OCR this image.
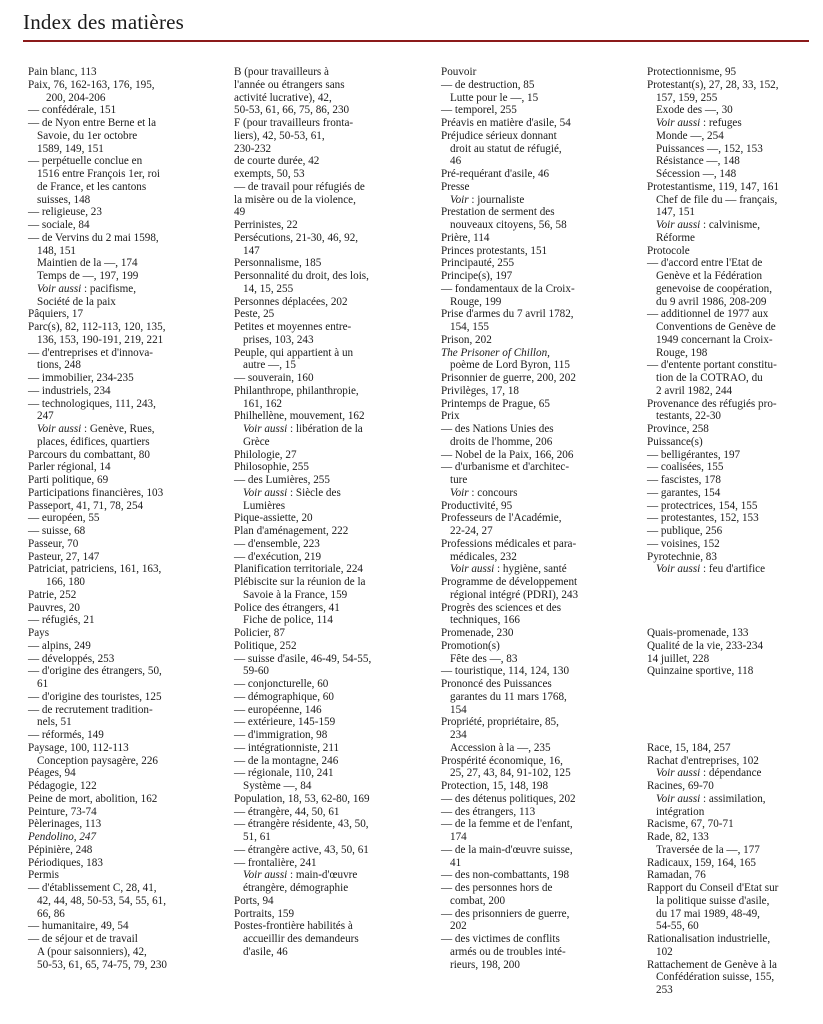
Index des matières
Pain blanc, 113
Paix, 76, 162-163, 176, 195,
200, 204-206
— confédérale, 151
— de Nyon entre Berne et la
Savoie, du 1er octobre
1589, 149, 151
— perpétuelle conclue en
1516 entre François 1er, roi
de France, et les cantons
suisses, 148
— religieuse, 23
— sociale, 84
— de Vervins du 2 mai 1598,
148, 151
Maintien de la —, 174
Temps de —, 197, 199
Voir aussi : pacifisme,
Société de la paix
Pâquiers, 17
Parc(s), 82, 112-113, 120, 135,
136, 153, 190-191, 219, 221
— d'entreprises et d'innova-
tions, 248
— immobilier, 234-235
— industriels, 234
— technologiques, 111, 243,
247
Voir aussi : Genève, Rues,
places, édifices, quartiers
Parcours du combattant, 80
Parler régional, 14
Parti politique, 69
Participations financières, 103
Passeport, 41, 71, 78, 254
— européen, 55
— suisse, 68
Passeur, 70
Pasteur, 27, 147
Patriciat, patriciens, 161, 163,
166, 180
Patrie, 252
Pauvres, 20
— réfugiés, 21
Pays
— alpins, 249
— développés, 253
— d'origine des étrangers, 50,
61
— d'origine des touristes, 125
— de recrutement tradition-
nels, 51
— réformés, 149
Paysage, 100, 112-113
Conception paysagère, 226
Péages, 94
Pédagogie, 122
Peine de mort, abolition, 162
Peinture, 73-74
Pèlerinages, 113
Pendolino, 247
Pépinière, 248
Périodiques, 183
Permis
— d'établissement C, 28, 41,
42, 44, 48, 50-53, 54, 55, 61,
66, 86
— humanitaire, 49, 54
— de séjour et de travail
A (pour saisonniers), 42,
50-53, 61, 65, 74-75, 79, 230
B (pour travailleurs à
l'année ou étrangers sans
activité lucrative), 42,
50-53, 61, 66, 75, 86, 230
F (pour travailleurs fronta-
liers), 42, 50-53, 61,
230-232
de courte durée, 42
exempts, 50, 53
— de travail pour réfugiés de
la misère ou de la violence,
49
Perrinistes, 22
Persécutions, 21-30, 46, 92,
147
Personnalisme, 185
Personnalité du droit, des lois,
14, 15, 255
Personnes déplacées, 202
Peste, 25
Petites et moyennes entre-
prises, 103, 243
Peuple, qui appartient à un
autre —, 15
— souverain, 160
Philanthrope, philanthropie,
161, 162
Philhellène, mouvement, 162
Voir aussi : libération de la
Grèce
Philologie, 27
Philosophie, 255
— des Lumières, 255
Voir aussi : Siècle des
Lumières
Pique-assiette, 20
Plan d'aménagement, 222
— d'ensemble, 223
— d'exécution, 219
Planification territoriale, 224
Plébiscite sur la réunion de la
Savoie à la France, 159
Police des étrangers, 41
Fiche de police, 114
Policier, 87
Politique, 252
— suisse d'asile, 46-49, 54-55,
59-60
— conjoncturelle, 60
— démographique, 60
— européenne, 146
— extérieure, 145-159
— d'immigration, 98
— intégrationniste, 211
— de la montagne, 246
— régionale, 110, 241
Système —, 84
Population, 18, 53, 62-80, 169
— étrangère, 44, 50, 61
— étrangère résidente, 43, 50,
51, 61
— étrangère active, 43, 50, 61
— frontalière, 241
Voir aussi : main-d'œuvre
étrangère, démographie
Ports, 94
Portraits, 159
Postes-frontière habilités à
accueillir des demandeurs
d'asile, 46
Pouvoir
— de destruction, 85
Lutte pour le —, 15
— temporel, 255
Préavis en matière d'asile, 54
Préjudice sérieux donnant
droit au statut de réfugié,
46
Pré-requérant d'asile, 46
Presse
Voir : journaliste
Prestation de serment des
nouveaux citoyens, 56, 58
Prière, 114
Princes protestants, 151
Principauté, 255
Principe(s), 197
— fondamentaux de la Croix-
Rouge, 199
Prise d'armes du 7 avril 1782,
154, 155
Prison, 202
The Prisoner of Chillon,
poème de Lord Byron, 115
Prisonnier de guerre, 200, 202
Privilèges, 17, 18
Printemps de Prague, 65
Prix
— des Nations Unies des
droits de l'homme, 206
— Nobel de la Paix, 166, 206
— d'urbanisme et d'architec-
ture
Voir : concours
Productivité, 95
Professeurs de l'Académie,
22-24, 27
Professions médicales et para-
médicales, 232
Voir aussi : hygiène, santé
Programme de développement
régional intégré (PDRI), 243
Progrès des sciences et des
techniques, 166
Promenade, 230
Promotion(s)
Fête des —, 83
— touristique, 114, 124, 130
Prononcé des Puissances
garantes du 11 mars 1768,
154
Propriété, propriétaire, 85,
234
Accession à la —, 235
Prospérité économique, 16,
25, 27, 43, 84, 91-102, 125
Protection, 15, 148, 198
— des détenus politiques, 202
— des étrangers, 113
— de la femme et de l'enfant,
174
— de la main-d'œuvre suisse,
41
— des non-combattants, 198
— des personnes hors de
combat, 200
— des prisonniers de guerre,
202
— des victimes de conflits
armés ou de troubles inté-
rieurs, 198, 200
Protectionnisme, 95
Protestant(s), 27, 28, 33, 152,
157, 159, 255
Exode des —, 30
Voir aussi : refuges
Monde —, 254
Puissances —, 152, 153
Résistance —, 148
Sécession —, 148
Protestantisme, 119, 147, 161
Chef de file du — français,
147, 151
Voir aussi : calvinisme,
Réforme
Protocole
— d'accord entre l'Etat de
Genève et la Fédération
genevoise de coopération,
du 9 avril 1986, 208-209
— additionnel de 1977 aux
Conventions de Genève de
1949 concernant la Croix-
Rouge, 198
— d'entente portant constitu-
tion de la COTRAO, du
2 avril 1982, 244
Provenance des réfugiés pro-
testants, 22-30
Province, 258
Puissance(s)
— belligérantes, 197
— coalisées, 155
— fascistes, 178
— garantes, 154
— protectrices, 154, 155
— protestantes, 152, 153
— publique, 256
— voisines, 152
Pyrotechnie, 83
Voir aussi : feu d'artifice
Quais-promenade, 133
Qualité de la vie, 233-234
14 juillet, 228
Quinzaine sportive, 118
Race, 15, 184, 257
Rachat d'entreprises, 102
Voir aussi : dépendance
Racines, 69-70
Voir aussi : assimilation,
intégration
Racisme, 67, 70-71
Rade, 82, 133
Traversée de la —, 177
Radicaux, 159, 164, 165
Ramadan, 76
Rapport du Conseil d'Etat sur
la politique suisse d'asile,
du 17 mai 1989, 48-49,
54-55, 60
Rationalisation industrielle,
102
Rattachement de Genève à la
Confédération suisse, 155,
253
